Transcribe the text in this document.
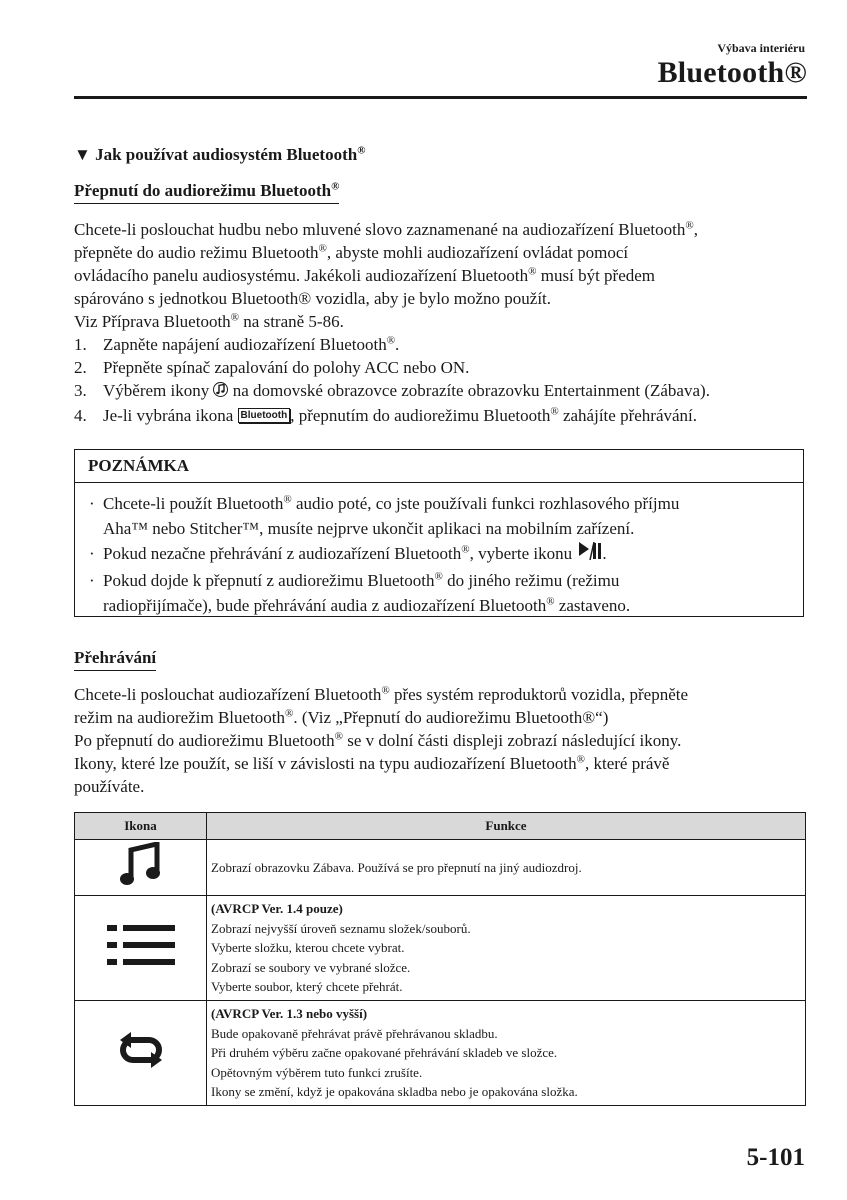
Výbava interiéru
Bluetooth®
▼ Jak používat audiosystém Bluetooth®
Přepnutí do audiorežimu Bluetooth®

Chcete-li poslouchat hudbu nebo mluvené slovo zaznamenané na audiozařízení Bluetooth®,

přepněte do audio režimu Bluetooth®, abyste mohli audiozařízení ovládat pomocí

ovládacího panelu audiosystému. Jakékoli audiozařízení Bluetooth® musí být předem

spárováno s jednotkou Bluetooth® vozidla, aby je bylo možno použít.

Viz Příprava Bluetooth® na straně 5-86.

1. Zapněte napájení audiozařízení Bluetooth®.
2. Přepněte spínač zapalování do polohy ACC nebo ON.
3. Výběrem ikony  na domovské obrazovce zobrazíte obrazovku Entertainment (Zábava).
4. Je-li vybrána ikona Bluetooth , přepnutím do audiorežimu Bluetooth® zahájíte přehrávání.
POZNÁMKA
· Chcete-li použít Bluetooth® audio poté, co jste používali funkci rozhlasového příjmu
Aha™ nebo Stitcher™, musíte nejprve ukončit aplikaci na mobilním zařízení.
· Pokud nezačne přehrávání z audiozařízení Bluetooth®, vyberte ikonu .
· Pokud dojde k přepnutí z audiorežimu Bluetooth® do jiného režimu (režimu
radiopřijímače), bude přehrávání audia z audiozařízení Bluetooth® zastaveno.
Přehrávání

Chcete-li poslouchat audiozařízení Bluetooth® přes systém reproduktorů vozidla, přepněte

režim na audiorežim Bluetooth®. (Viz „Přepnutí do audiorežimu Bluetooth®“)

Po přepnutí do audiorežimu Bluetooth® se v dolní části displeji zobrazí následující ikony.

Ikony, které lze použít, se liší v závislosti na typu audiozařízení Bluetooth®, které právě

používáte.

Ikona	Funkce
	Zobrazí obrazovku Zábava. Používá se pro přepnutí na jiný audiozdroj.

(AVRCP Ver. 1.4 pouze)
Zobrazí nejvyšší úroveň seznamu složek/souborů.
Vyberte složku, kterou chcete vybrat.
Zobrazí se soubory ve vybrané složce.
Vyberte soubor, který chcete přehrát.

(AVRCP Ver. 1.3 nebo vyšší)
Bude opakovaně přehrávat právě přehrávanou skladbu.
Při druhém výběru začne opakované přehrávání skladeb ve složce.
Opětovným výběrem tuto funkci zrušíte.
Ikony se změní, když je opakována skladba nebo je opakována složka.
5-101
